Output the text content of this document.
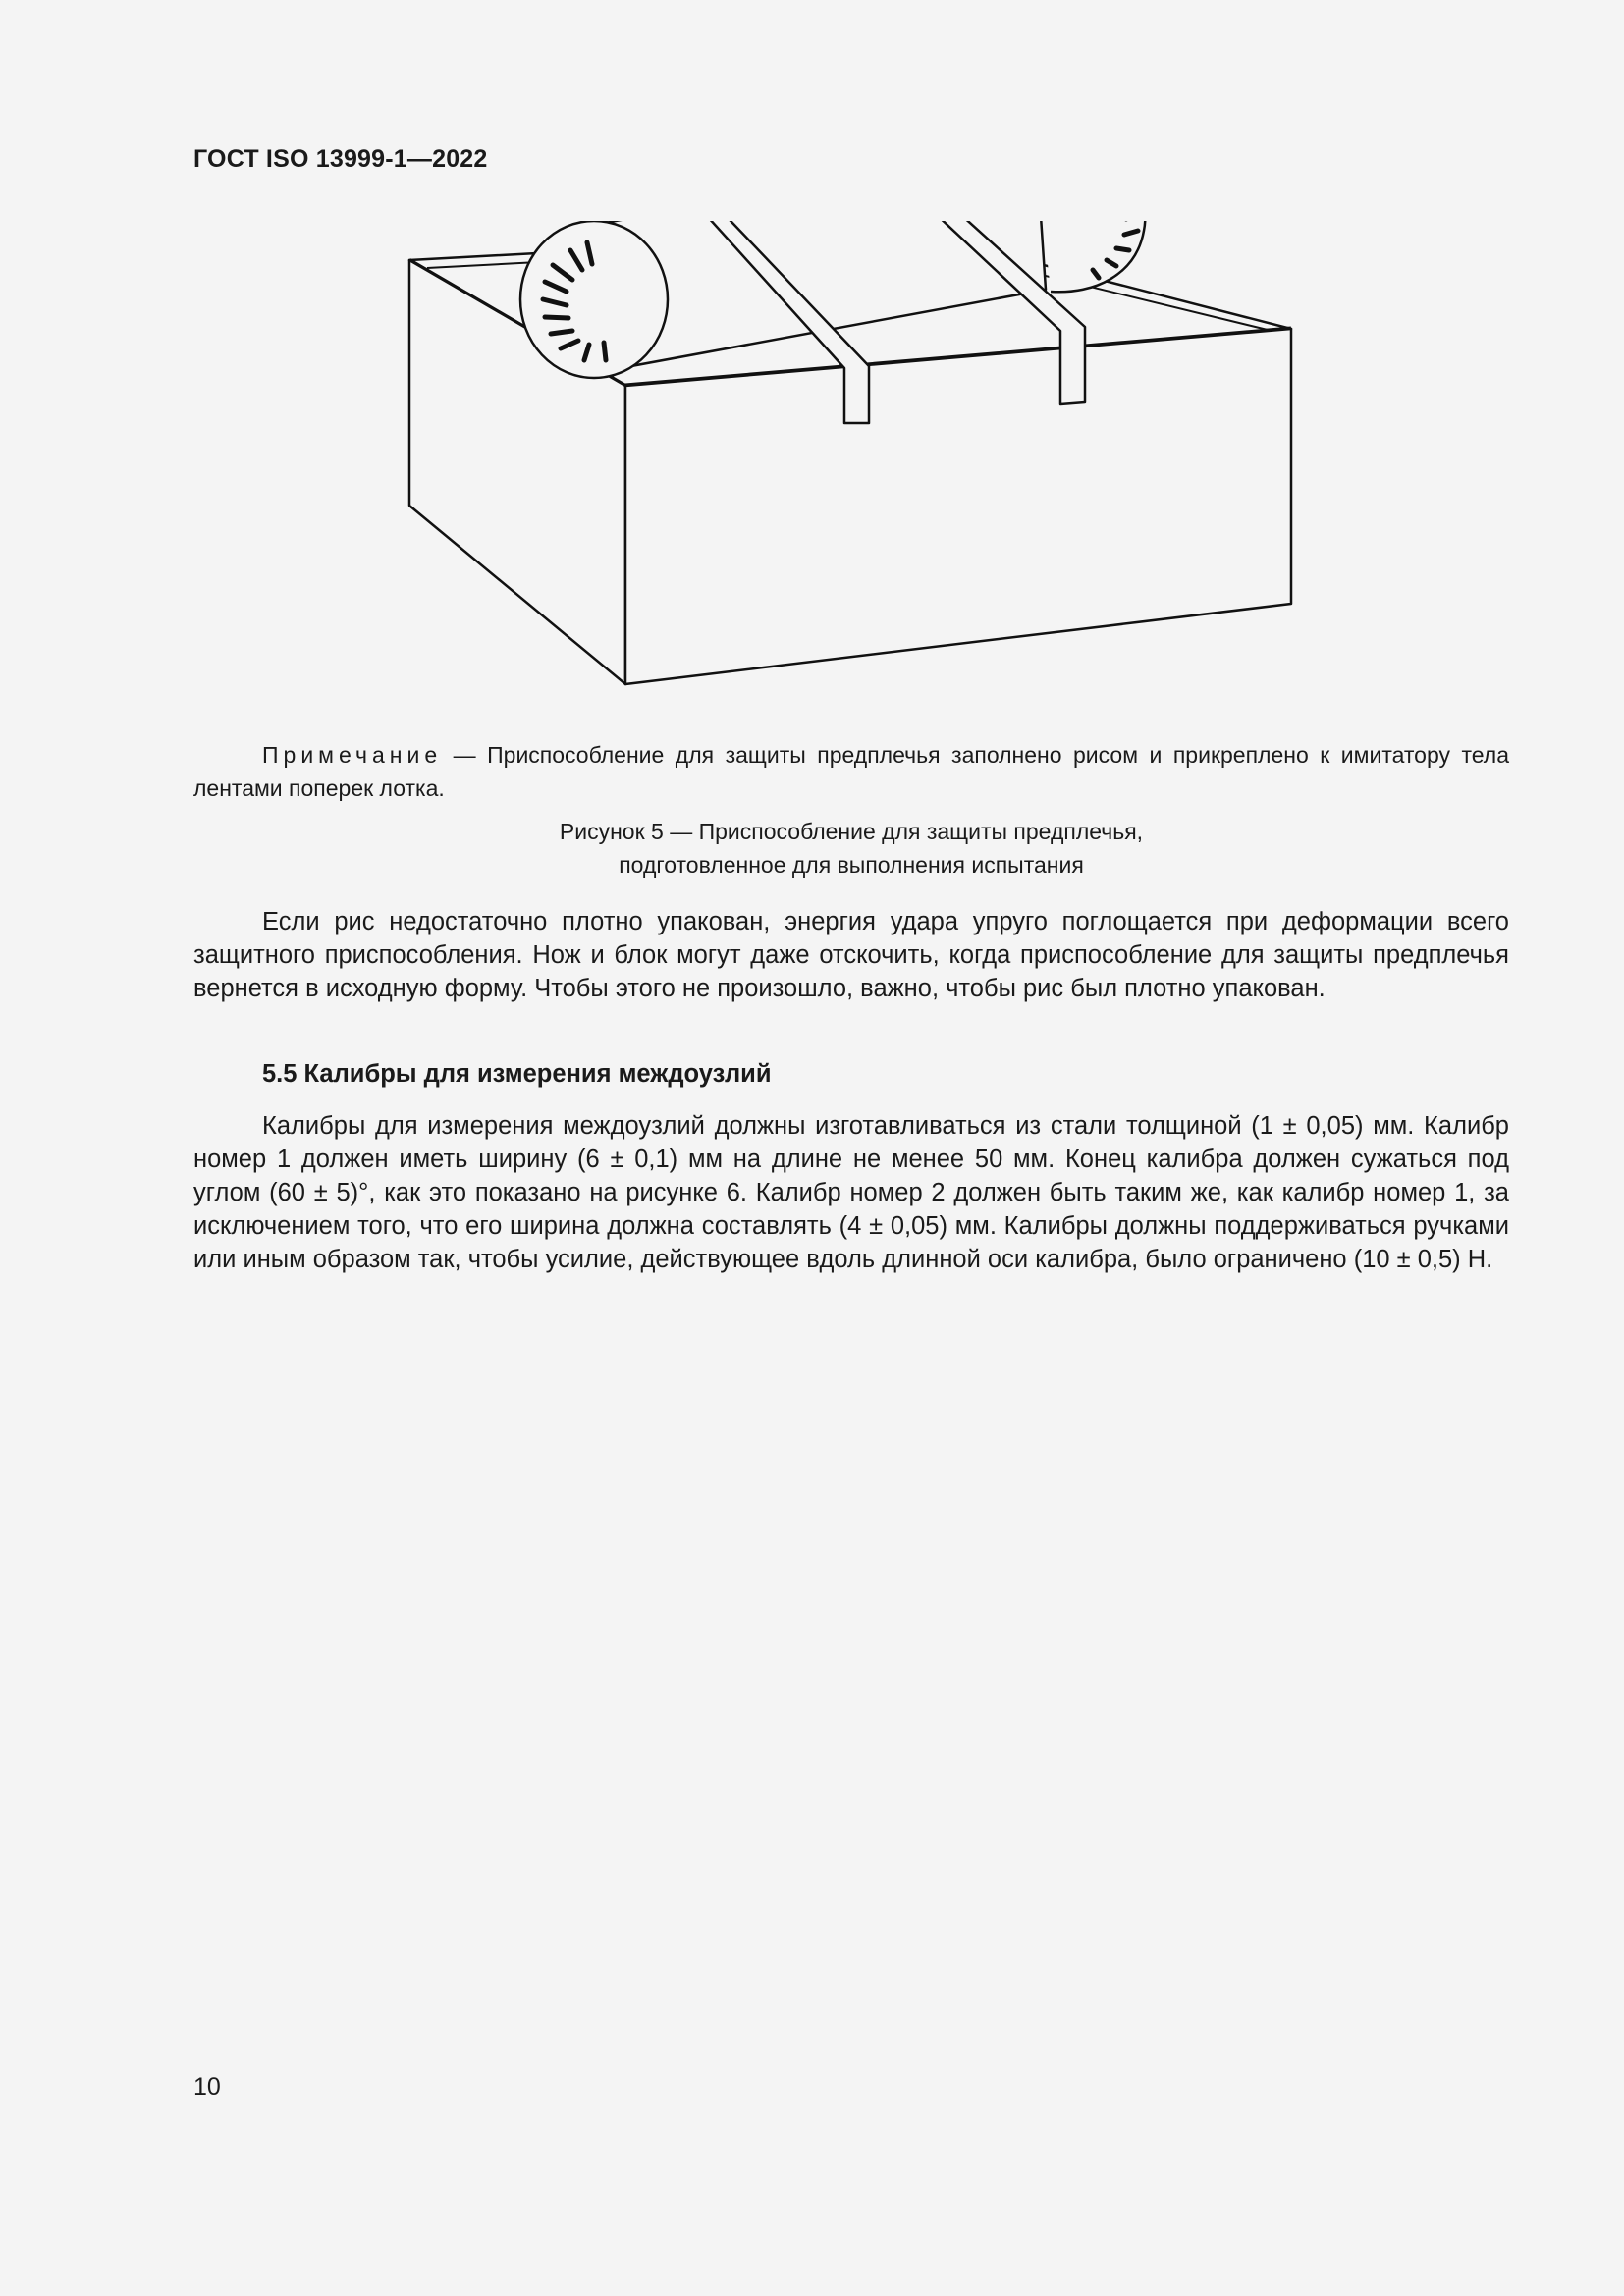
ГОСТ ISO 13999-1—2022
Примечание — Приспособление для защиты предплечья заполнено рисом и прикреплено к имитатору тела лентами поперек лотка.
Рисунок 5 — Приспособление для защиты предплечья,
подготовленное для выполнения испытания

Если рис недостаточно плотно упакован, энергия удара упруго поглощается при деформации всего защитного приспособления. Нож и блок могут даже отскочить, когда приспособление для защиты предплечья вернется в исходную форму. Чтобы этого не произошло, важно, чтобы рис был плотно упакован.

5.5 Калибры для измерения междоузлий

Калибры для измерения междоузлий должны изготавливаться из стали толщиной (1 ± 0,05) мм. Калибр номер 1 должен иметь ширину (6 ± 0,1) мм на длине не менее 50 мм. Конец калибра должен сужаться под углом (60 ± 5)°, как это показано на рисунке 6. Калибр номер 2 должен быть таким же, как калибр номер 1, за исключением того, что его ширина должна составлять (4 ± 0,05) мм. Калибры должны поддерживаться ручками или иным образом так, чтобы усилие, действующее вдоль длинной оси калибра, было ограничено (10 ± 0,5) Н.

10
